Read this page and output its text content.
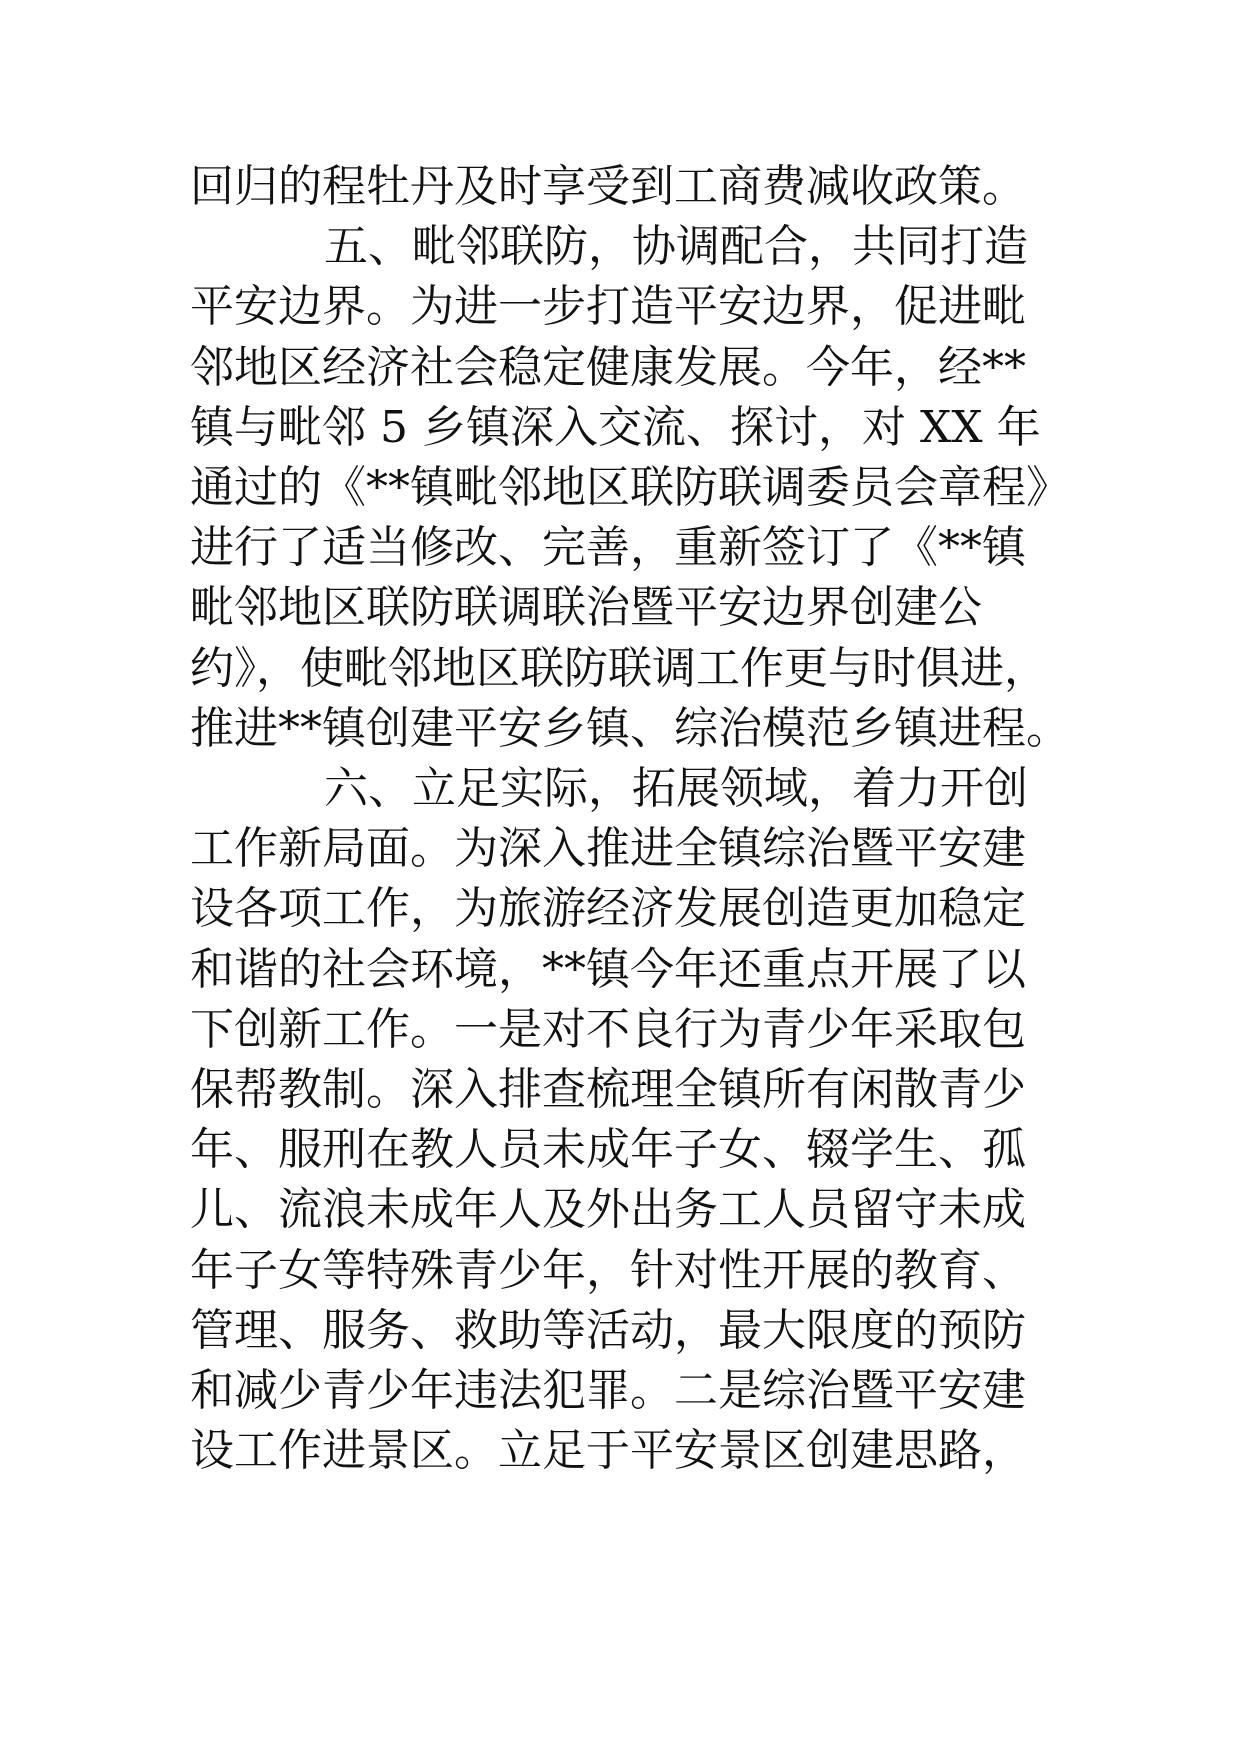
回归的程牡丹及时享受到工商费减收政策。
五、毗邻联防，协调配合，共同打造
平安边界。为进一步打造平安边界，促进毗
邻地区经济社会稳定健康发展。今年，经**
镇与毗邻 5 乡镇深入交流、探讨，对 XX 年
通过的《**镇毗邻地区联防联调委员会章程》
进行了适当修改、完善，重新签订了《**镇
毗邻地区联防联调联治暨平安边界创建公
约》，使毗邻地区联防联调工作更与时俱进，
推进**镇创建平安乡镇、综治模范乡镇进程。
六、立足实际，拓展领域，着力开创
工作新局面。为深入推进全镇综治暨平安建
设各项工作，为旅游经济发展创造更加稳定
和谐的社会环境，**镇今年还重点开展了以
下创新工作。一是对不良行为青少年采取包
保帮教制。深入排查梳理全镇所有闲散青少
年、服刑在教人员未成年子女、辍学生、孤
儿、流浪未成年人及外出务工人员留守未成
年子女等特殊青少年，针对性开展的教育、
管理、服务、救助等活动，最大限度的预防
和减少青少年违法犯罪。二是综治暨平安建
设工作进景区。立足于平安景区创建思路，
